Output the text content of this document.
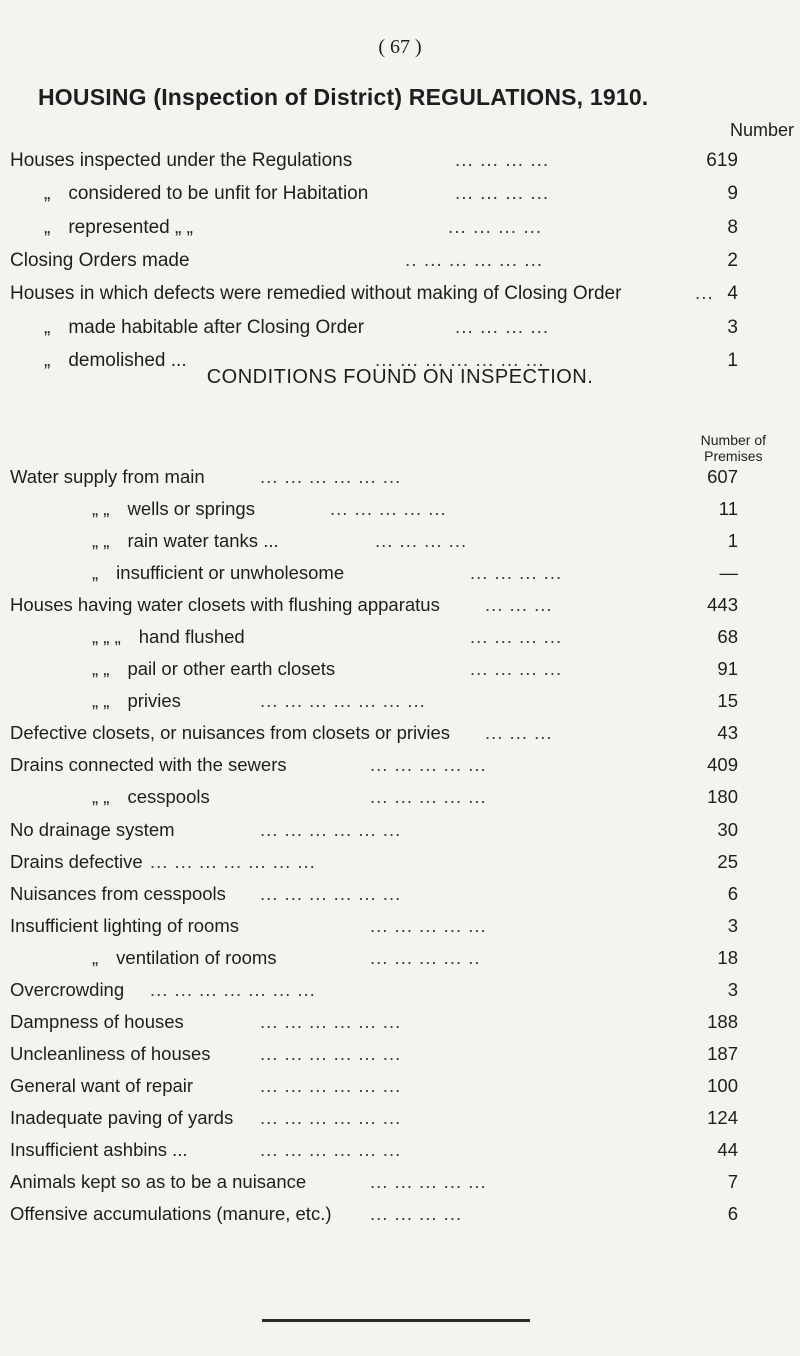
( 67 )
HOUSING (Inspection of District) REGULATIONS, 1910.
Number
Houses inspected under the Regulations	... ... ... ...	619
„ considered to be unfit for Habitation	... ... ... ...	9
„ represented „ „	... ... ... ...	8
Closing Orders made	.. ... ... ... ... ...	2
Houses in which defects were remedied without making of Closing Order	... 4
„ made habitable after Closing Order	... ... ... ...	3
„ demolished ...	... ... ... ... ... ... ...	1
CONDITIONS FOUND ON INSPECTION.
Number of
Premises
Water supply from main	... ... ... ... ... ...	607
„ „ wells or springs	... ... ... ... ...	11
„ „ rain water tanks ...	... ... ... ...	1
„ insufficient or unwholesome	... ... ... ...	—
Houses having water closets with flushing apparatus ... ... ...	443
„ „ „ hand flushed	... ... ... ...	68
„ „ pail or other earth closets	... ... ... ...	91
„ „ privies	... ... ... ... ... ... ...	15
Defective closets, or nuisances from closets or privies ... ... ...	43
Drains connected with the sewers	... ... ... ... ...	409
„ „ cesspools	... ... ... ... ...	180
No drainage system	... ... ... ... ... ...	30
Drains defective ... ... ... ... ... ... ...	25
Nuisances from cesspools ... ... ... ... ... ...	6
Insufficient lighting of rooms	... ... ... ... ...	3
„ ventilation of rooms	... ... ... ... ..	18
Overcrowding ... ... ... ... ... ... ...	3
Dampness of houses	... ... ... ... ... ...	188
Uncleanliness of houses	... ... ... ... ... ...	187
General want of repair	... ... ... ... ... ...	100
Inadequate paving of yards ... ... ... ... ... ...	124
Insufficient ashbins ...	... ... ... ... ... ...	44
Animals kept so as to be a nuisance	... ... ... ... ...	7
Offensive accumulations (manure, etc.) ... ... ... ...	6
